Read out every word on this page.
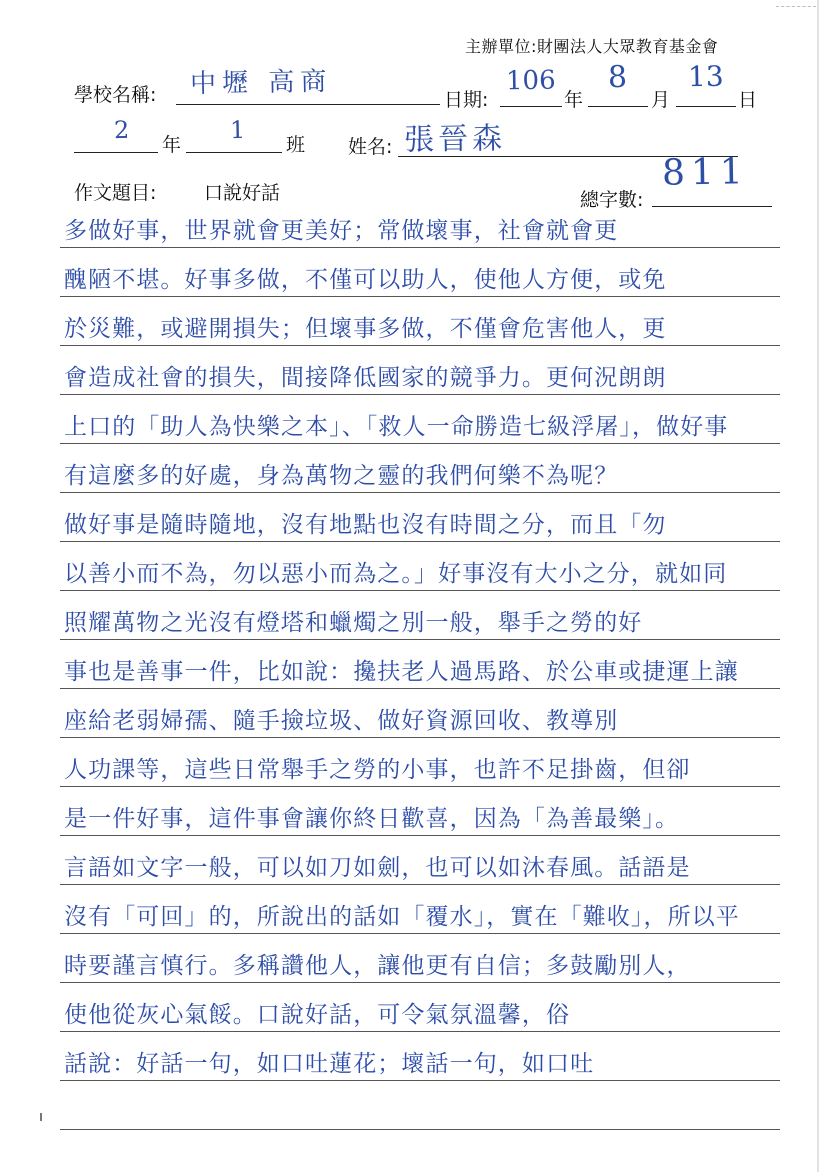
主辦單位:財團法人大眾教育基金會
學校名稱: 中壢 高商
日期:
106
年
8
月
13
日
2
年
1
班 姓名: 張晉森
作文題目:	口說好話	總字數:
811
多做好事，世界就會更美好；常做壞事，社會就會更
醜陋不堪。好事多做，不僅可以助人，使他人方便，或免
於災難，或避開損失；但壞事多做，不僅會危害他人，更
會造成社會的損失，間接降低國家的競爭力。更何況朗朗
上口的「助人為快樂之本」、「救人一命勝造七級浮屠」，做好事
有這麼多的好處，身為萬物之靈的我們何樂不為呢？
做好事是隨時隨地，沒有地點也沒有時間之分，而且「勿
以善小而不為，勿以惡小而為之。」好事沒有大小之分，就如同
照耀萬物之光沒有燈塔和蠟燭之別一般，舉手之勞的好
事也是善事一件，比如說：攙扶老人過馬路、於公車或捷運上讓
座給老弱婦孺、隨手撿垃圾、做好資源回收、教導別
人功課等，這些日常舉手之勞的小事，也許不足掛齒，但卻
是一件好事，這件事會讓你終日歡喜，因為「為善最樂」。
言語如文字一般，可以如刀如劍，也可以如沐春風。話語是
沒有「可回」的，所說出的話如「覆水」，實在「難收」，所以平
時要謹言慎行。多稱讚他人，讓他更有自信；多鼓勵別人，
使他從灰心氣餒。口說好話，可令氣氛溫馨，俗
話說：好話一句，如口吐蓮花；壞話一句，如口吐
